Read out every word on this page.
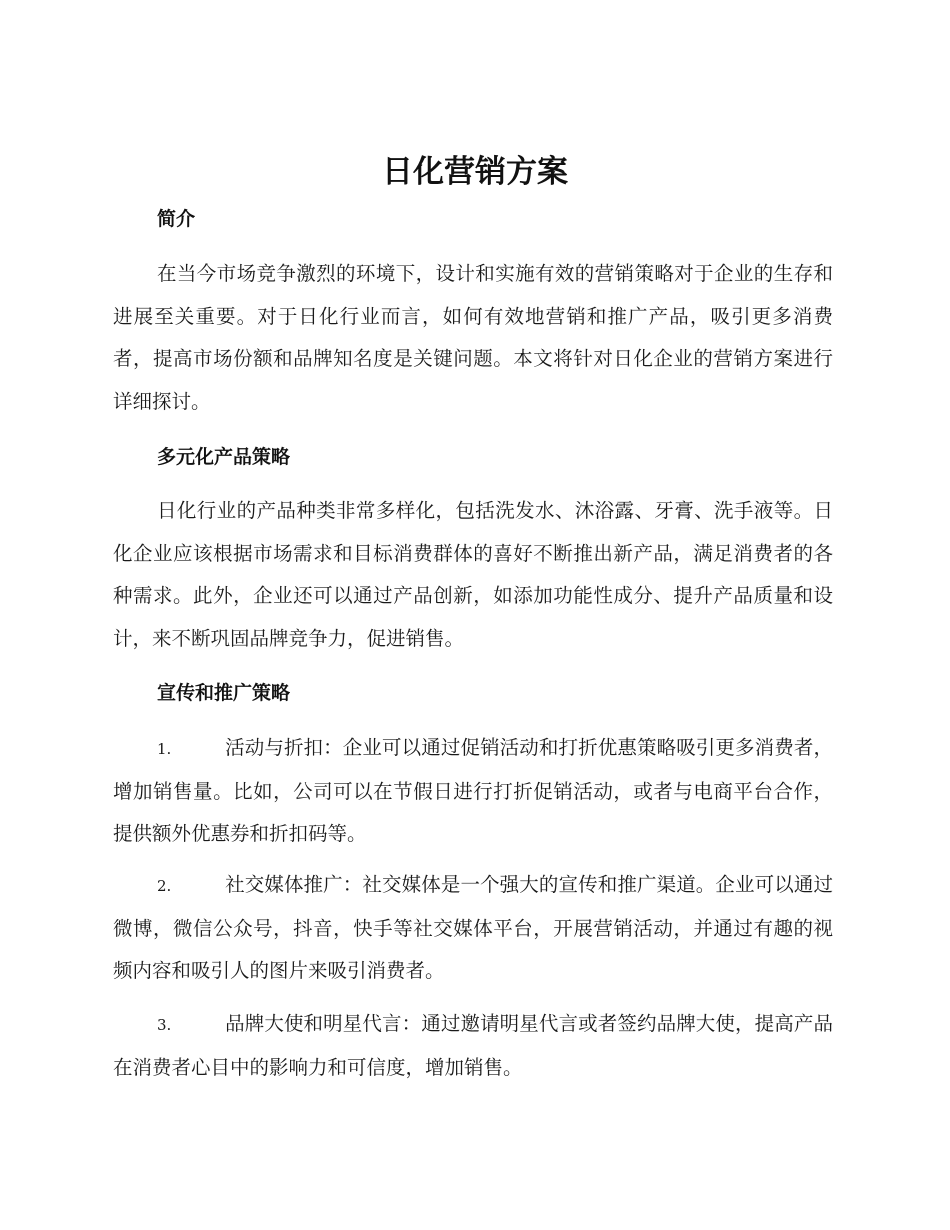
日化营销方案
简介

在当今市场竞争激烈的环境下，设计和实施有效的营销策略对于企业的生存和进展至关重要。对于日化行业而言，如何有效地营销和推广产品，吸引更多消费者，提高市场份额和品牌知名度是关键问题。本文将针对日化企业的营销方案进行详细探讨。

多元化产品策略

日化行业的产品种类非常多样化，包括洗发水、沐浴露、牙膏、洗手液等。日化企业应该根据市场需求和目标消费群体的喜好不断推出新产品，满足消费者的各种需求。此外，企业还可以通过产品创新，如添加功能性成分、提升产品质量和设计，来不断巩固品牌竞争力，促进销售。

宣传和推广策略

1.	活动与折扣：企业可以通过促销活动和打折优惠策略吸引更多消费者，增加销售量。比如，公司可以在节假日进行打折促销活动，或者与电商平台合作，提供额外优惠券和折扣码等。

2.	社交媒体推广：社交媒体是一个强大的宣传和推广渠道。企业可以通过微博，微信公众号，抖音，快手等社交媒体平台，开展营销活动，并通过有趣的视频内容和吸引人的图片来吸引消费者。

3.	品牌大使和明星代言：通过邀请明星代言或者签约品牌大使，提高产品在消费者心目中的影响力和可信度，增加销售。
